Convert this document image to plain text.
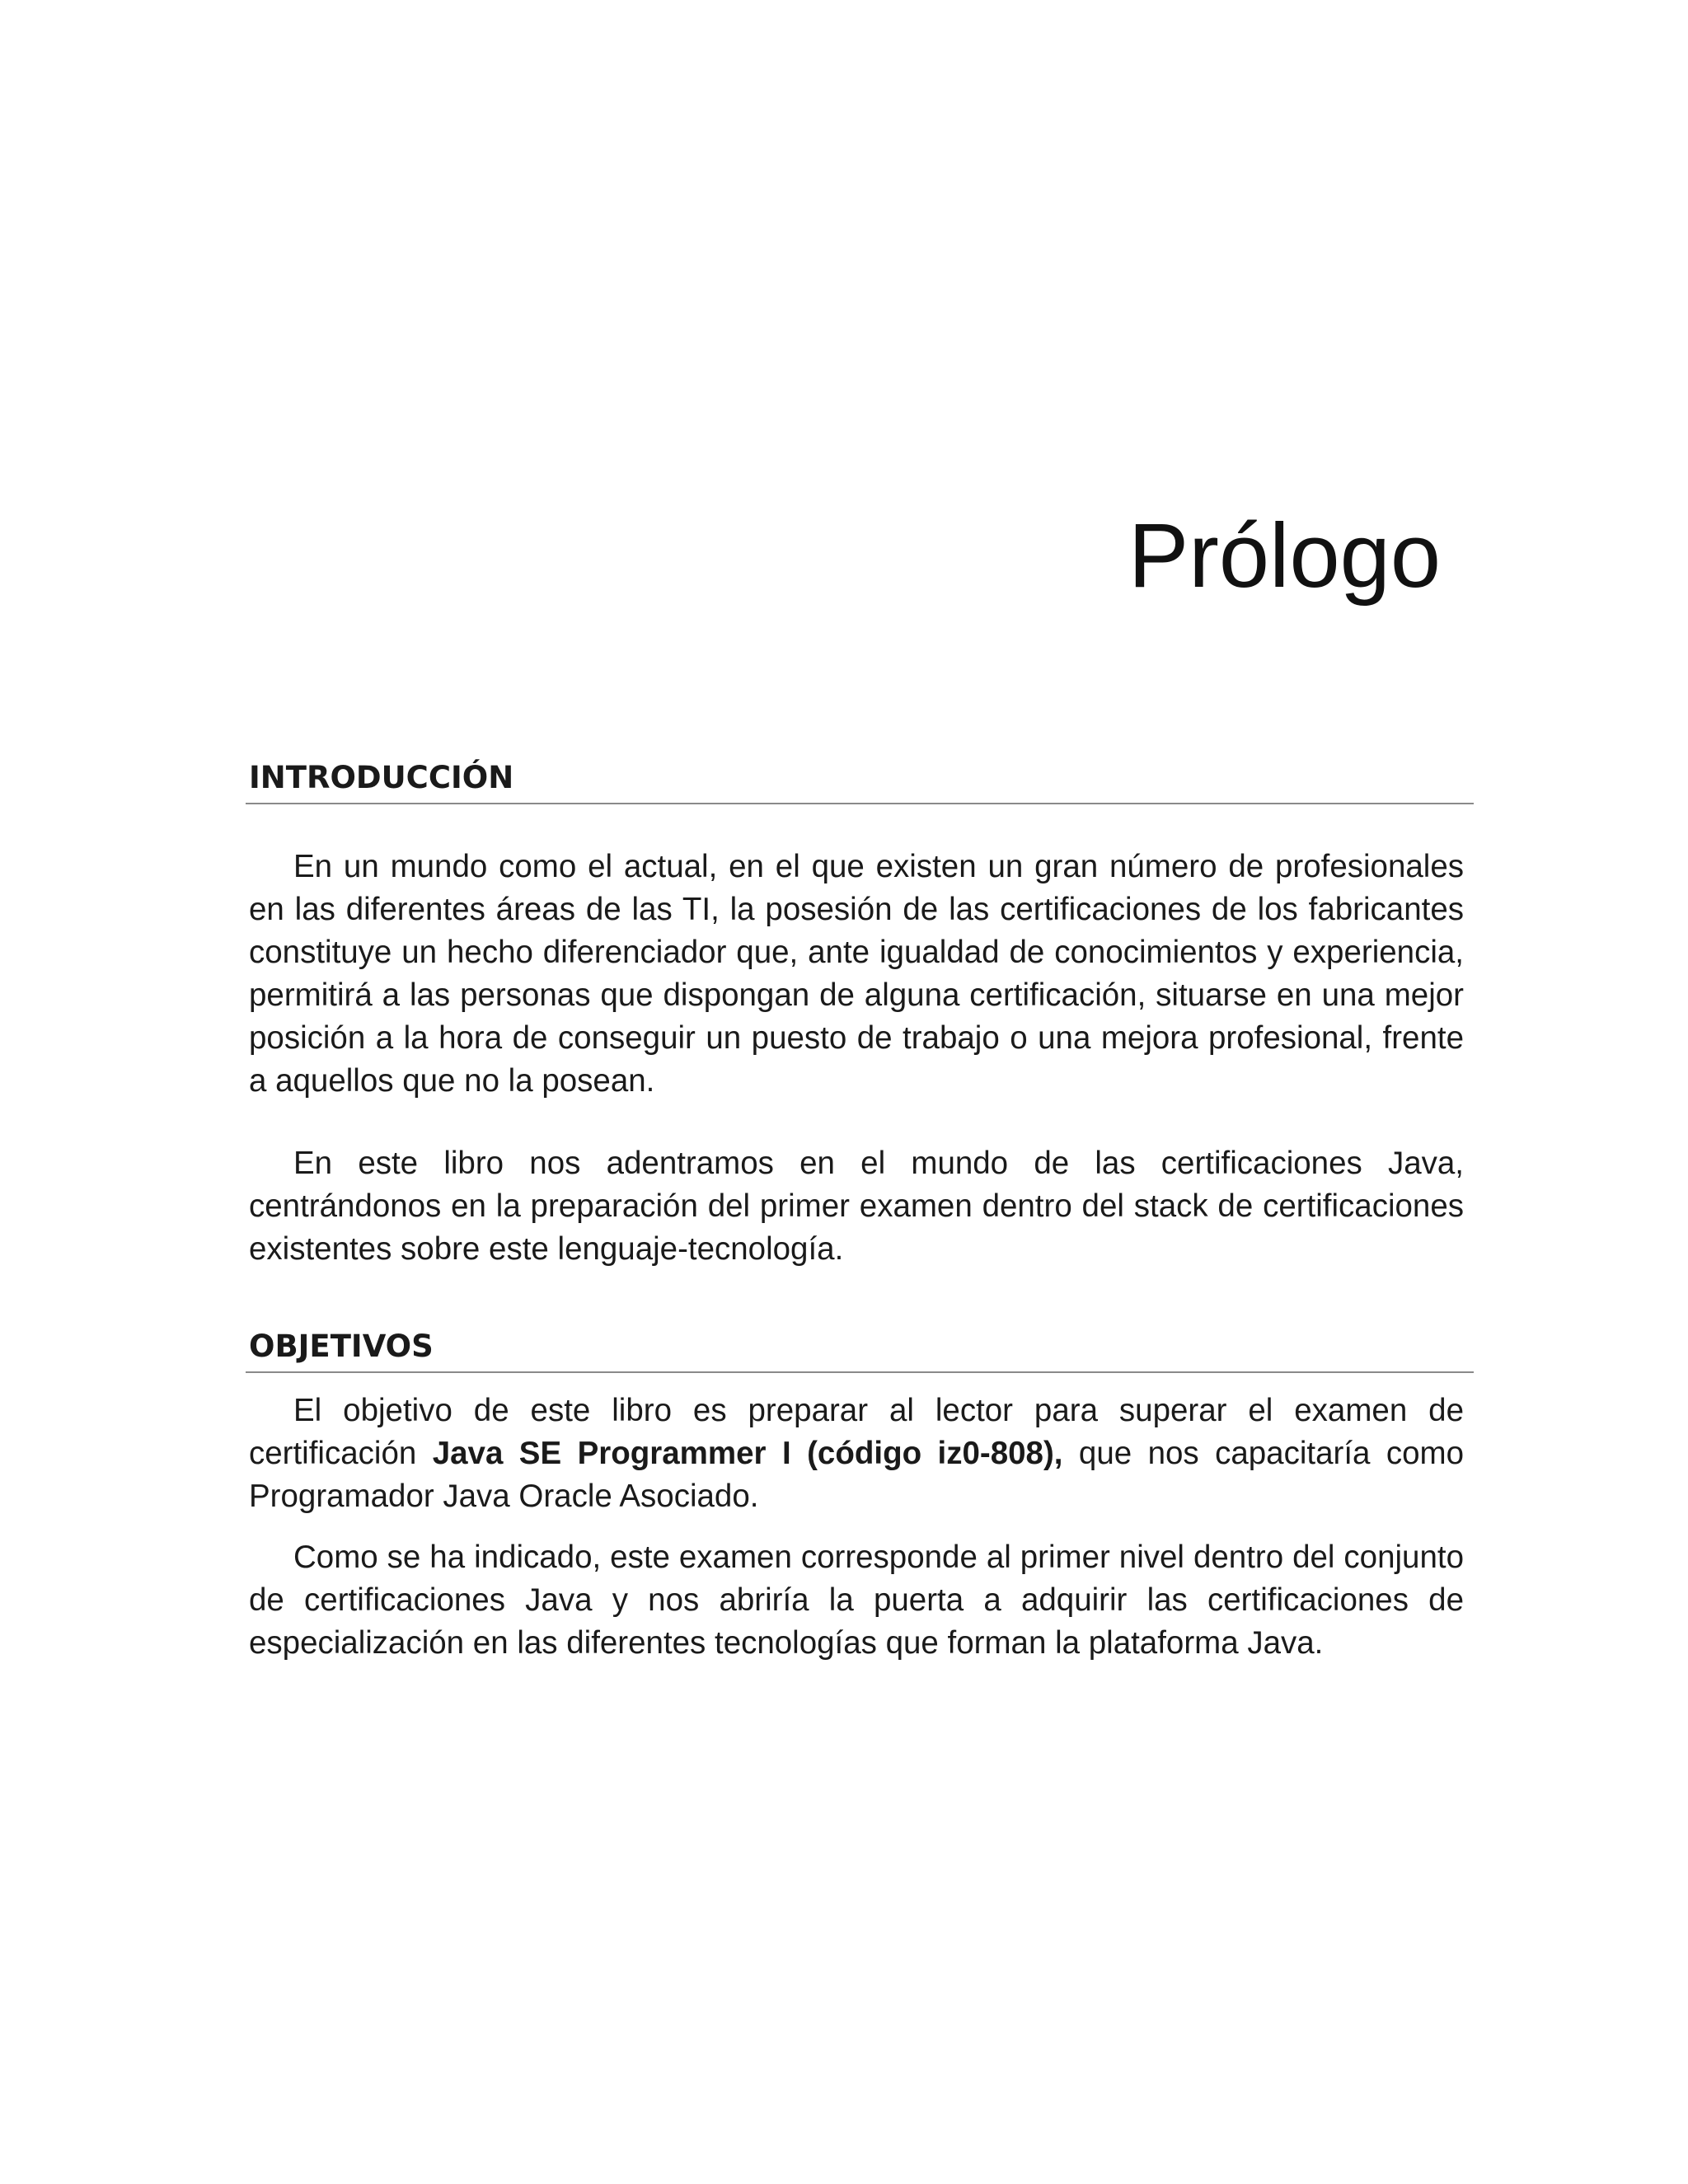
Prólogo
INTRODUCCIÓN

En un mundo como el actual, en el que existen un gran número de profesionales en las diferentes áreas de las TI, la posesión de las certificaciones de los fabricantes constituye un hecho diferenciador que, ante igualdad de conocimientos y experiencia, permitirá a las personas que dispongan de alguna certificación, situarse en una mejor posición a la hora de conseguir un puesto de trabajo o una mejora profesional, frente a aquellos que no la posean.

En este libro nos adentramos en el mundo de las certificaciones Java, centrándonos en la preparación del primer examen dentro del stack de certificaciones existentes sobre este lenguaje-tecnología.

OBJETIVOS

El objetivo de este libro es preparar al lector para superar el examen de certificación Java SE Programmer I (código iz0-808), que nos capacitaría como Programador Java Oracle Asociado.

Como se ha indicado, este examen corresponde al primer nivel dentro del conjunto de certificaciones Java y nos abriría la puerta a adquirir las certificaciones de especialización en las diferentes tecnologías que forman la plataforma Java.
